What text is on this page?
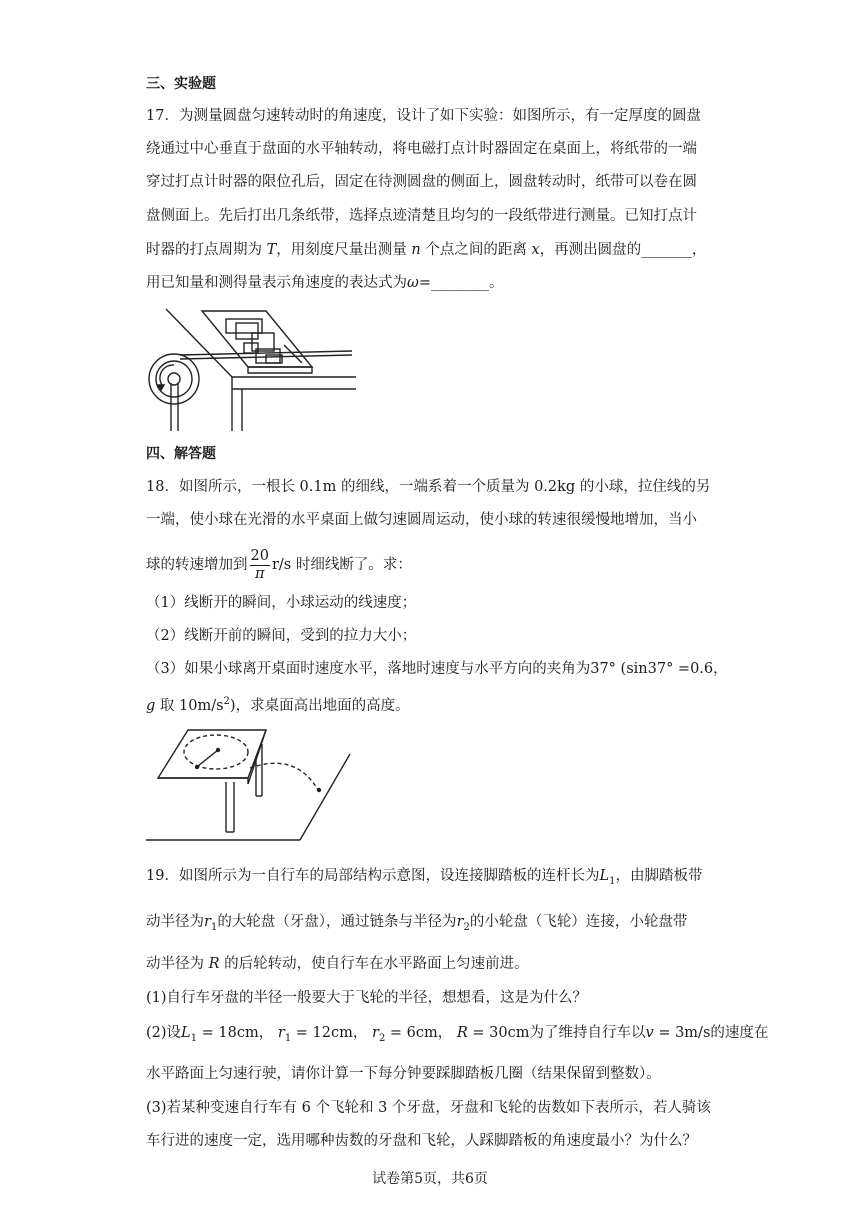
三、实验题
17．为测量圆盘匀速转动时的角速度，设计了如下实验：如图所示，有一定厚度的圆盘
绕通过中心垂直于盘面的水平轴转动，将电磁打点计时器固定在桌面上，将纸带的一端
穿过打点计时器的限位孔后，固定在待测圆盘的侧面上，圆盘转动时，纸带可以卷在圆
盘侧面上。先后打出几条纸带，选择点迹清楚且均匀的一段纸带进行测量。已知打点计
时器的打点周期为 T，用刻度尺量出测量 n 个点之间的距离 x，再测出圆盘的_______，
用已知量和测得量表示角速度的表达式为ω=________。
四、解答题
18．如图所示，一根长 0.1m 的细线，一端系着一个质量为 0.2kg 的小球，拉住线的另
一端，使小球在光滑的水平桌面上做匀速圆周运动，使小球的转速很缓慢地增加，当小
球的转速增加到 $\frac{20}{\pi} r/s$ 时细线断了。求：
（1）线断开的瞬间，小球运动的线速度；
（2）线断开前的瞬间，受到的拉力大小；
（3）如果小球离开桌面时速度水平，落地时速度与水平方向的夹角为37° (sin37° =0.6，
g 取 $10m/s^2$)，求桌面高出地面的高度。
19．如图所示为一自行车的局部结构示意图，设连接脚踏板的连杆长为$L_1$，由脚踏板带
动半径为$r_1$的大轮盘（牙盘），通过链条与半径为$r_2$的小轮盘（飞轮）连接，小轮盘带
动半径为 R 的后轮转动，使自行车在水平路面上匀速前进。
(1)自行车牙盘的半径一般要大于飞轮的半径，想想看，这是为什么？
(2)设$L_1 = 18cm$， $r_1 = 12cm$， $r_2 = 6cm$， R = 30cm为了维持自行车以v = 3m/s的速度在
水平路面上匀速行驶，请你计算一下每分钟要踩脚踏板几圈（结果保留到整数）。
(3)若某种变速自行车有 6 个飞轮和 3 个牙盘，牙盘和飞轮的齿数如下表所示，若人骑该
车行进的速度一定，选用哪种齿数的牙盘和飞轮，人踩脚踏板的角速度最小？为什么？
试卷第5页，共6页
